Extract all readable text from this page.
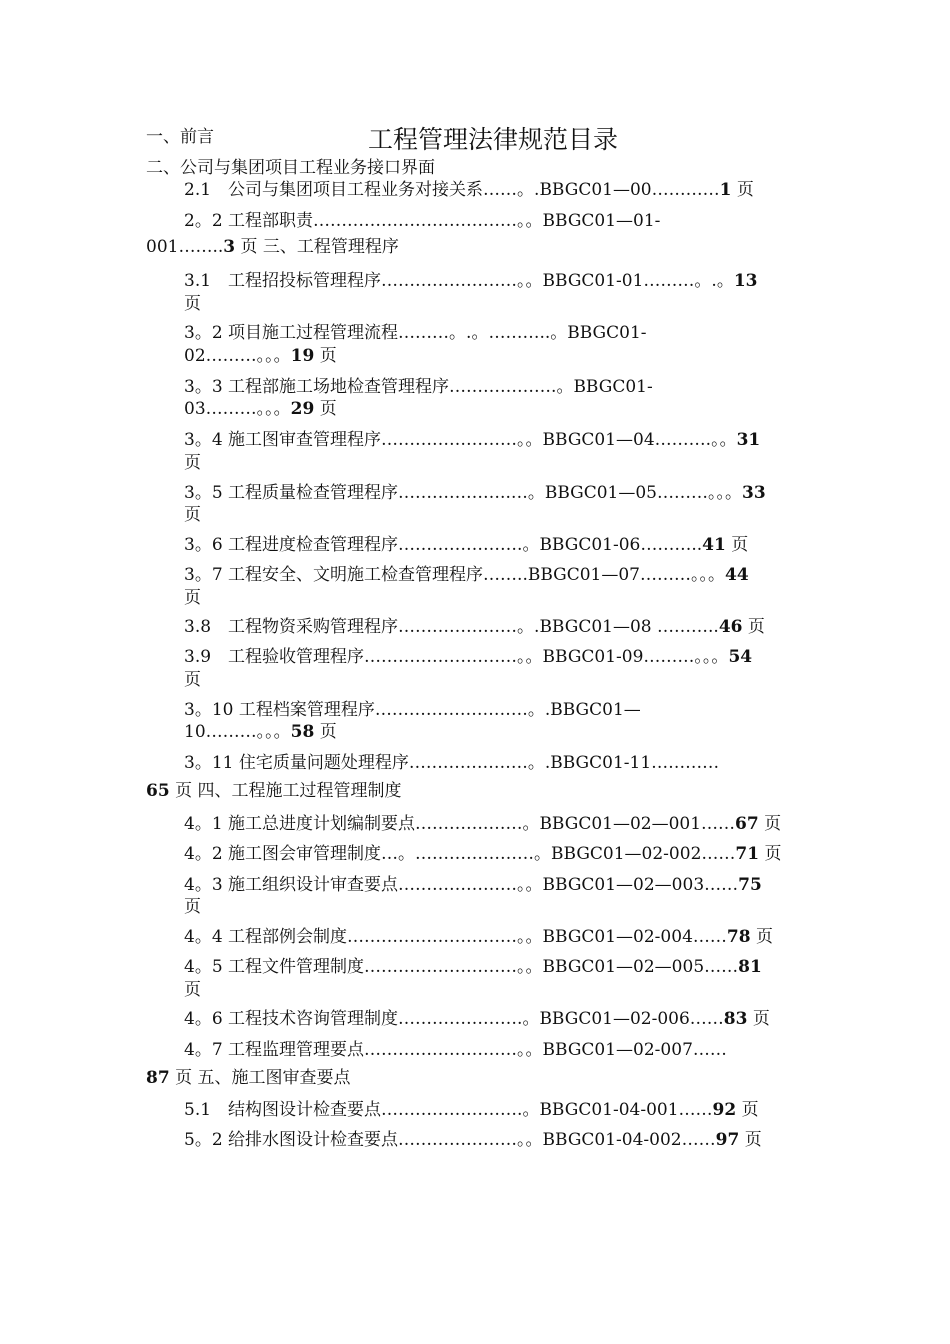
工程管理法律规范目录
一、前言
二、公司与集团项目工程业务接口界面
2.1　公司与集团项目工程业务对接关系……。.BBGC01—00…………1 页
2。2 工程部职责………………………………。。BBGC01—01-
001……..3 页 三、工程管理程序
3.1　工程招投标管理程序……………………。。BBGC01-01………。.。13
页
3。2 项目施工过程管理流程………。.。………..。BBGC01-
02………。。。19 页
3。3 工程部施工场地检查管理程序……………….。BBGC01-
03………。。。29 页
3。4 施工图审查管理程序……………………。。BBGC01—04……….。。31
页
3。5 工程质量检查管理程序………………..…。BBGC01—05………。。。33
页
3。6 工程进度检查管理程序………………….。BBGC01-06………..41 页
3。7 工程安全、文明施工检查管理程序……..BBGC01—07………。。。44
页
3.8　工程物资采购管理程序…………………。.BBGC01—08 ………..46 页
3.9　工程验收管理程序………………………。。BBGC01-09………。。。54
页
3。10 工程档案管理程序………………………。.BBGC01—
10………。。。58 页
3。11 住宅质量问题处理程序…………………。.BBGC01-11…………
65 页 四、工程施工过程管理制度
4。1 施工总进度计划编制要点………….……。BBGC01—02—001……67 页
4。2 施工图会审管理制度…。…………………。BBGC01—02-002……71 页
4。3 施工组织设计审查要点…………………。。BBGC01—02—003……75
页
4。4 工程部例会制度…………………………。。BBGC01—02-004……78 页
4。5 工程文件管理制度………………………。。BBGC01—02—005……81
页
4。6 工程技术咨询管理制度………………….。BBGC01—02-006……83 页
4。7 工程监理管理要点………………………。。BBGC01—02-007……
87 页 五、施工图审查要点
5.1　结构图设计检查要点…………………….。BBGC01-04-001……92 页
5。2 给排水图设计检查要点…………………。。BBGC01-04-002……97 页
